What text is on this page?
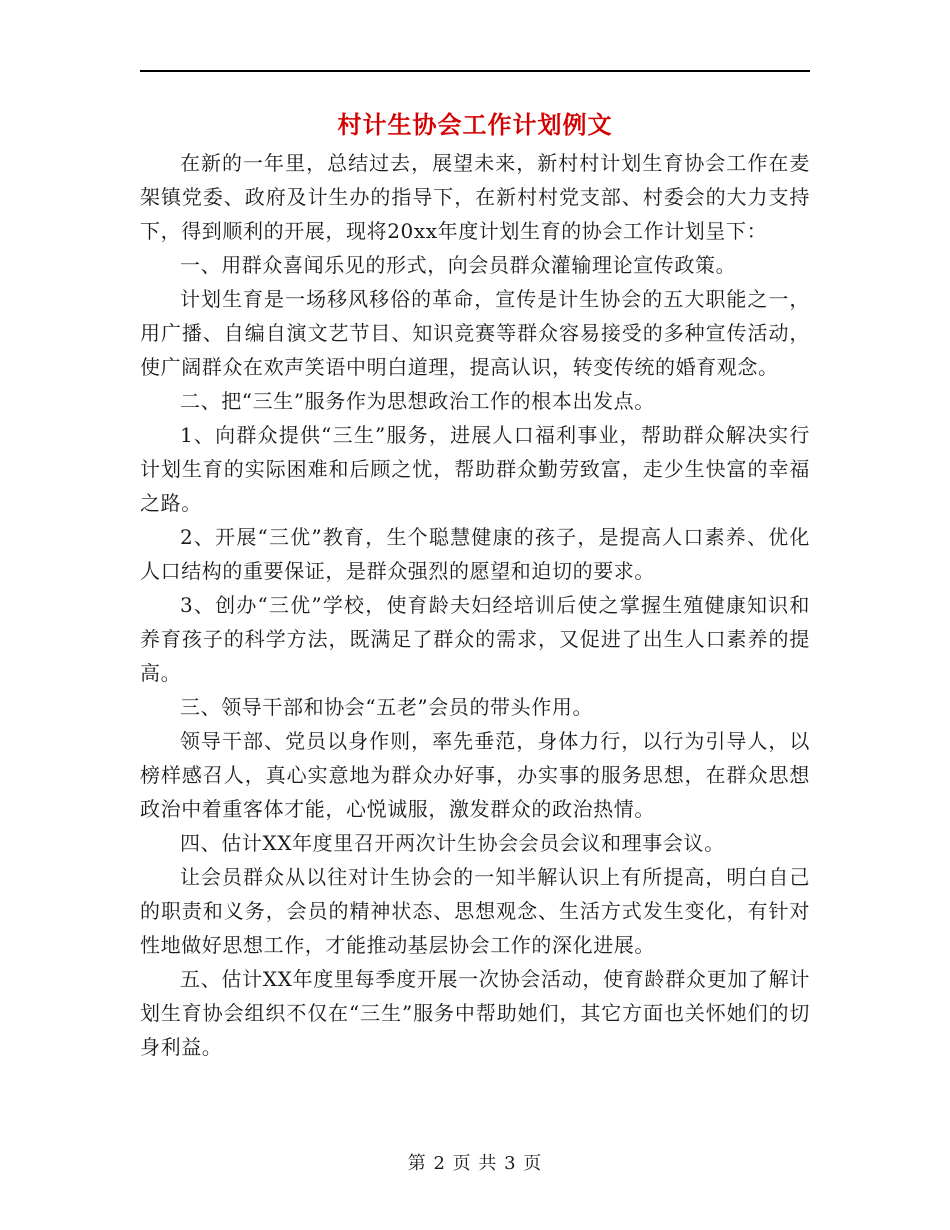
村计生协会工作计划例文

在新的一年里，总结过去，展望未来，新村村计划生育协会工作在麦架镇党委、政府及计生办的指导下，在新村村党支部、村委会的大力支持下，得到顺利的开展，现将20xx年度计划生育的协会工作计划呈下：

一、用群众喜闻乐见的形式，向会员群众灌输理论宣传政策。

计划生育是一场移风移俗的革命，宣传是计生协会的五大职能之一，用广播、自编自演文艺节目、知识竞赛等群众容易接受的多种宣传活动，使广阔群众在欢声笑语中明白道理，提高认识，转变传统的婚育观念。

二、把“三生”服务作为思想政治工作的根本出发点。

1、向群众提供“三生”服务，进展人口福利事业，帮助群众解决实行计划生育的实际困难和后顾之忧，帮助群众勤劳致富，走少生快富的幸福之路。

2、开展“三优”教育，生个聪慧健康的孩子，是提高人口素养、优化人口结构的重要保证，是群众强烈的愿望和迫切的要求。

3、创办“三优”学校，使育龄夫妇经培训后使之掌握生殖健康知识和养育孩子的科学方法，既满足了群众的需求，又促进了出生人口素养的提高。

三、领导干部和协会“五老”会员的带头作用。

领导干部、党员以身作则，率先垂范，身体力行，以行为引导人，以榜样感召人，真心实意地为群众办好事，办实事的服务思想，在群众思想政治中着重客体才能，心悦诚服，激发群众的政治热情。

四、估计XX年度里召开两次计生协会会员会议和理事会议。

让会员群众从以往对计生协会的一知半解认识上有所提高，明白自己的职责和义务，会员的精神状态、思想观念、生活方式发生变化，有针对性地做好思想工作，才能推动基层协会工作的深化进展。

五、估计XX年度里每季度开展一次协会活动，使育龄群众更加了解计划生育协会组织不仅在“三生”服务中帮助她们，其它方面也关怀她们的切身利益。

第 2 页 共 3 页
